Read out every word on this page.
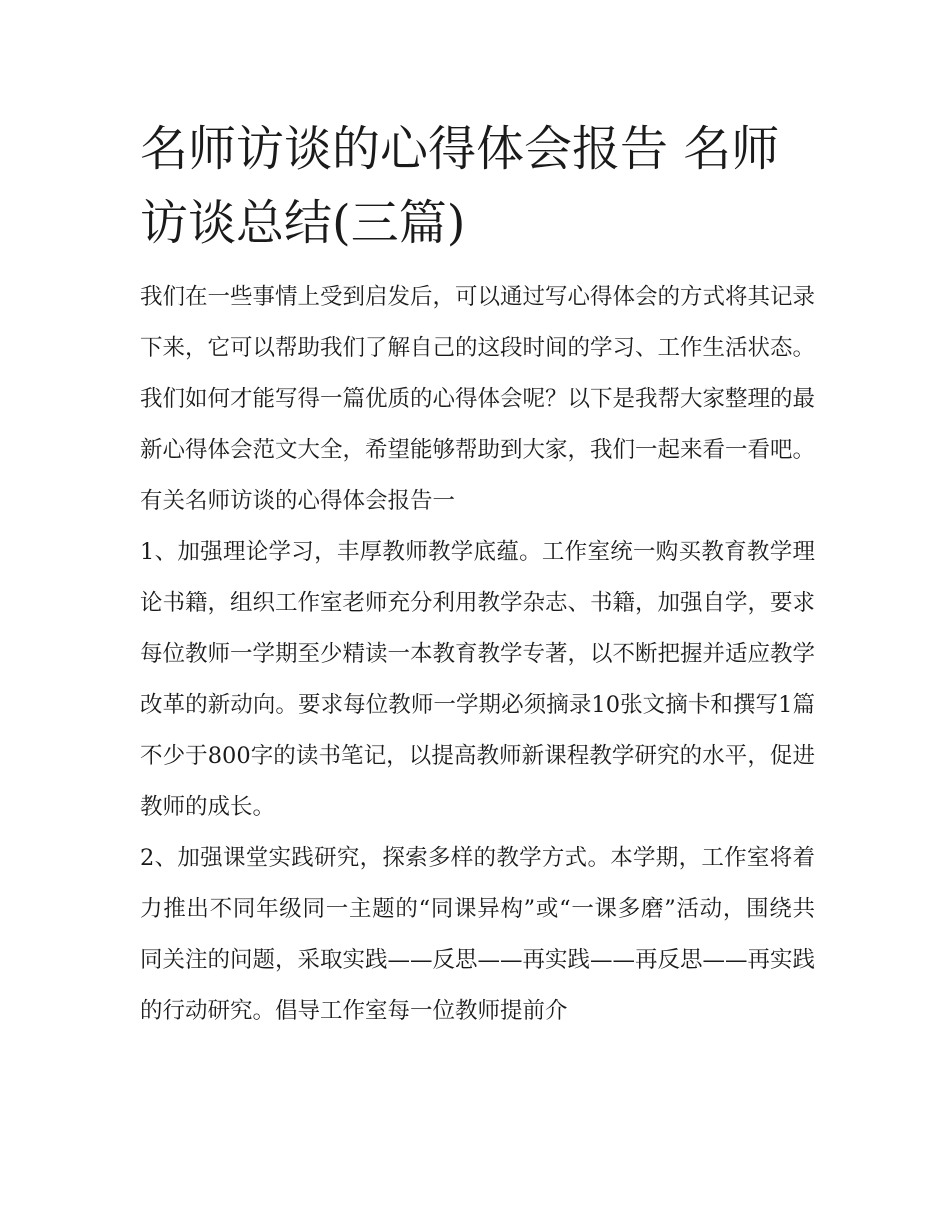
名师访谈的心得体会报告 名师访谈总结(三篇)

我们在一些事情上受到启发后，可以通过写心得体会的方式将其记录下来，它可以帮助我们了解自己的这段时间的学习、工作生活状态。我们如何才能写得一篇优质的心得体会呢？以下是我帮大家整理的最新心得体会范文大全，希望能够帮助到大家，我们一起来看一看吧。

有关名师访谈的心得体会报告一

1、加强理论学习，丰厚教师教学底蕴。工作室统一购买教育教学理论书籍，组织工作室老师充分利用教学杂志、书籍，加强自学，要求每位教师一学期至少精读一本教育教学专著，以不断把握并适应教学改革的新动向。要求每位教师一学期必须摘录10张文摘卡和撰写1篇不少于800字的读书笔记，以提高教师新课程教学研究的水平，促进教师的成长。

2、加强课堂实践研究，探索多样的教学方式。本学期，工作室将着力推出不同年级同一主题的“同课异构”或“一课多磨”活动，围绕共同关注的问题，采取实践——反思——再实践——再反思——再实践的行动研究。倡导工作室每一位教师提前介
